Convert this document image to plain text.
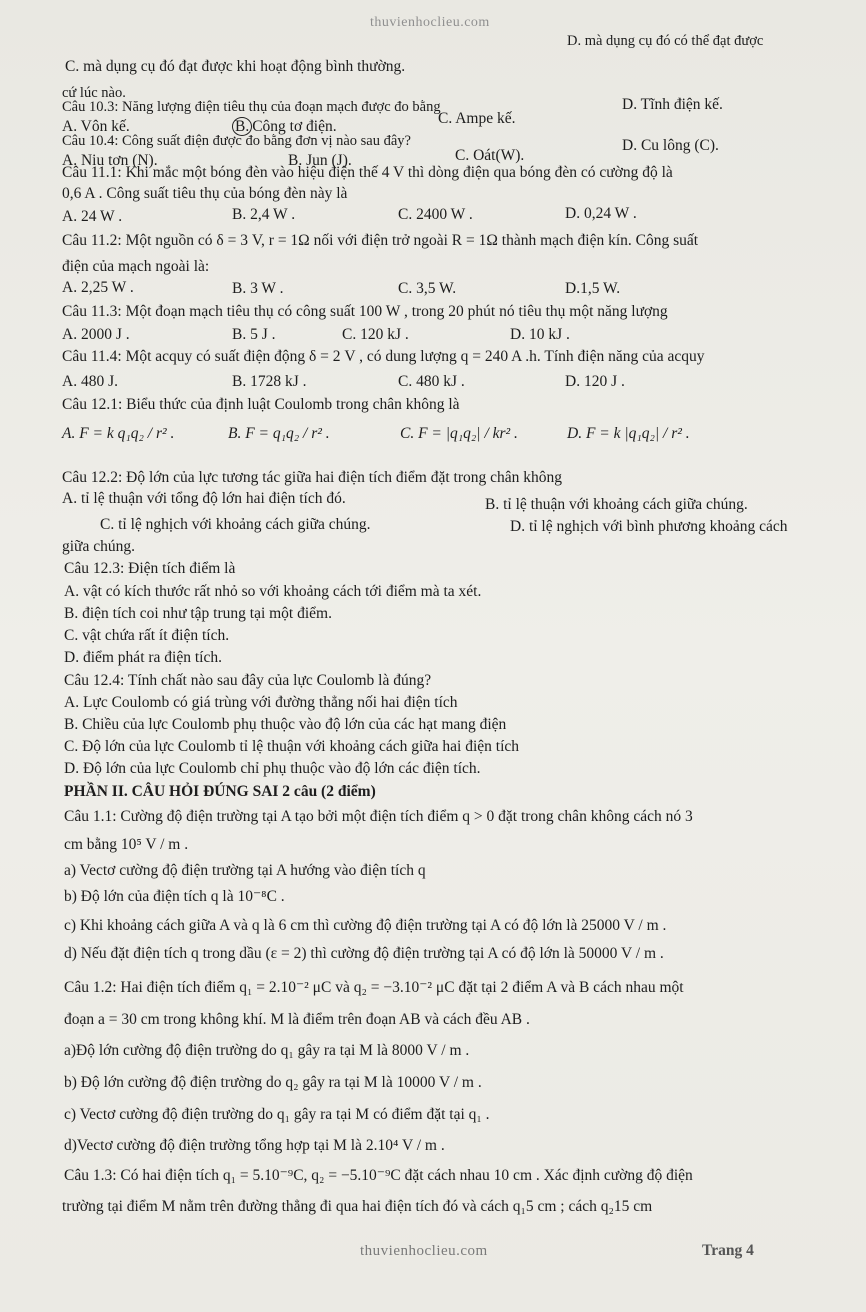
thuvienhoclieu.com
D. mà dụng cụ đó có thể đạt được
C. mà dụng cụ đó đạt được khi hoạt động bình thường.
cứ lúc nào.
Câu 10.3: Năng lượng điện tiêu thụ của đoạn mạch được đo bằng
A. Vôn kế.	B. Công tơ điện.	C. Ampe kế.
D. Tĩnh điện kế.
Câu 10.4: Công suất điện được đo bằng đơn vị nào sau đây?
A. Niu tơn (N).	B. Jun (J).	C. Oát(W).
D. Cu lông (C).
Câu 11.1: Khi mắc một bóng đèn vào hiệu điện thế 4 V thì dòng điện qua bóng đèn có cường độ là
0,6 A . Công suất tiêu thụ của bóng đèn này là
A. 24 W .	B. 2,4 W .	C. 2400 W .	D. 0,24 W .
Câu 11.2: Một nguồn có δ = 3 V, r = 1Ω nối với điện trở ngoài R = 1Ω thành mạch điện kín. Công suất
điện của mạch ngoài là:
A. 2,25 W .	B. 3 W .	C. 3,5 W.	D.1,5 W.
Câu 11.3: Một đoạn mạch tiêu thụ có công suất 100 W , trong 20 phút nó tiêu thụ một năng lượng
A. 2000 J .	B. 5 J .	C. 120 kJ .	D. 10 kJ .
Câu 11.4: Một acquy có suất điện động δ = 2 V , có dung lượng q = 240 A .h. Tính điện năng của acquy
A. 480 J.	B. 1728 kJ .	C. 480 kJ .	D. 120 J .
Câu 12.1: Biểu thức của định luật Coulomb trong chân không là
A. F = k q₁q₂ / r² .	B. F = q₁q₂ / r² .	C. F = |q₁q₂| / kr² .	D. F = k |q₁q₂| / r² .
Câu 12.2: Độ lớn của lực tương tác giữa hai điện tích điểm đặt trong chân không
A. tỉ lệ thuận với tổng độ lớn hai điện tích đó.	B. tỉ lệ thuận với khoảng cách giữa chúng.
C. tỉ lệ nghịch với khoảng cách giữa chúng.	D. tỉ lệ nghịch với bình phương khoảng cách
giữa chúng.
Câu 12.3: Điện tích điểm là
A. vật có kích thước rất nhỏ so với khoảng cách tới điểm mà ta xét.
B. điện tích coi như tập trung tại một điểm.
C. vật chứa rất ít điện tích.
D. điểm phát ra điện tích.
Câu 12.4: Tính chất nào sau đây của lực Coulomb là đúng?
A. Lực Coulomb có giá trùng với đường thẳng nối hai điện tích
B. Chiều của lực Coulomb phụ thuộc vào độ lớn của các hạt mang điện
C. Độ lớn của lực Coulomb tỉ lệ thuận với khoảng cách giữa hai điện tích
D. Độ lớn của lực Coulomb chỉ phụ thuộc vào độ lớn các điện tích.
PHẦN II. CÂU HỎI ĐÚNG SAI 2 câu (2 điểm)
Câu 1.1: Cường độ điện trường tại A tạo bởi một điện tích điểm q > 0 đặt trong chân không cách nó 3
cm bằng 10⁵ V / m .
a) Vectơ cường độ điện trường tại A hướng vào điện tích q
b) Độ lớn của điện tích q là 10⁻⁸C .
c) Khi khoảng cách giữa A và q là 6 cm thì cường độ điện trường tại A có độ lớn là 25000 V / m .
d) Nếu đặt điện tích q trong dầu (ε = 2) thì cường độ điện trường tại A có độ lớn là 50000 V / m .
Câu 1.2: Hai điện tích điểm q₁ = 2.10⁻² μC và q₂ = −3.10⁻² μC đặt tại 2 điểm A và B cách nhau một
đoạn a = 30 cm trong không khí. M là điểm trên đoạn AB và cách đều AB .
a)Độ lớn cường độ điện trường do q₁ gây ra tại M là 8000 V / m .
b) Độ lớn cường độ điện trường do q₂ gây ra tại M là 10000 V / m .
c) Vectơ cường độ điện trường do q₁ gây ra tại M có điểm đặt tại q₁ .
d)Vectơ cường độ điện trường tổng hợp tại M là 2.10⁴ V / m .
Câu 1.3: Có hai điện tích q₁ = 5.10⁻⁹C, q₂ = −5.10⁻⁹C đặt cách nhau 10 cm . Xác định cường độ điện
trường tại điểm M nằm trên đường thẳng đi qua hai điện tích đó và cách q₁5 cm ; cách q₂15 cm
thuvienhoclieu.com	Trang 4
